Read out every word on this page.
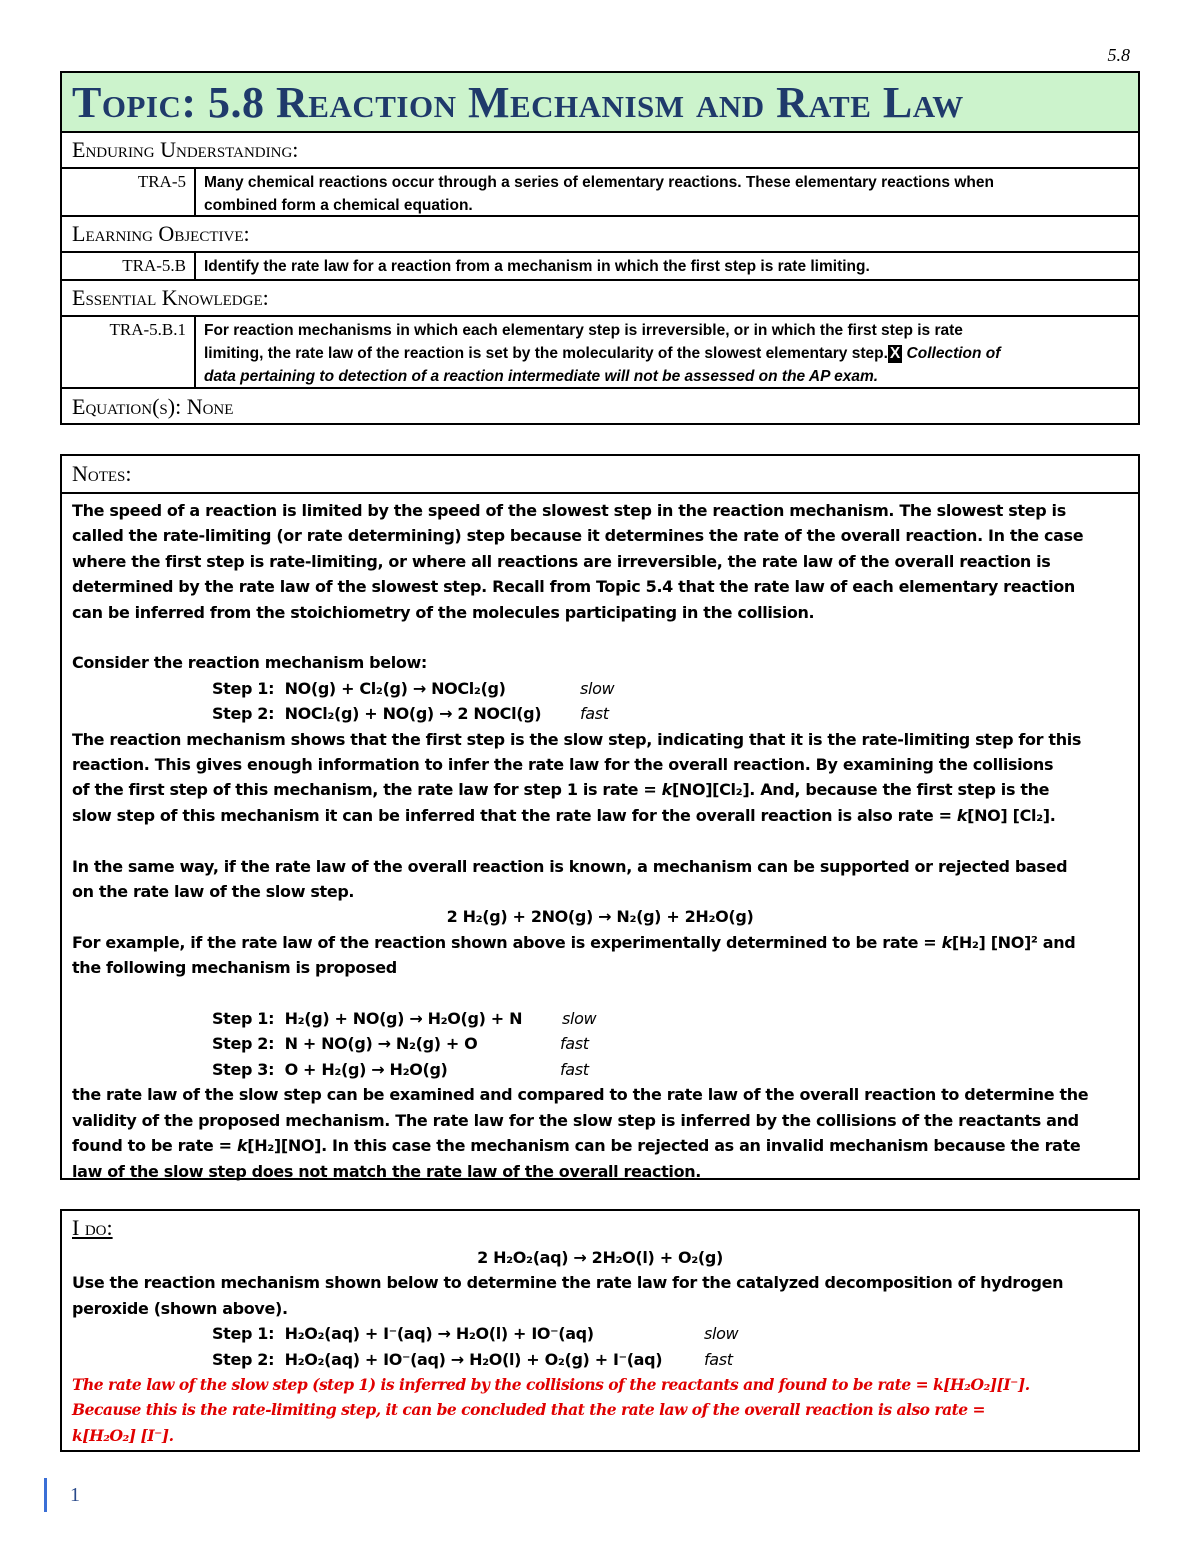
5.8
Topic: 5.8 Reaction Mechanism and Rate Law
Enduring Understanding:
TRA-5	Many chemical reactions occur through a series of elementary reactions. These elementary reactions when
combined form a chemical equation.
Learning Objective:
TRA-5.B	Identify the rate law for a reaction from a mechanism in which the first step is rate limiting.
Essential Knowledge:
TRA-5.B.1	For reaction mechanisms in which each elementary step is irreversible, or in which the first step is rate
limiting, the rate law of the reaction is set by the molecularity of the slowest elementary step. X Collection of
data pertaining to detection of a reaction intermediate will not be assessed on the AP exam.
Equation(s): None
Notes:

The speed of a reaction is limited by the speed of the slowest step in the reaction mechanism. The slowest step is

called the rate-limiting (or rate determining) step because it determines the rate of the overall reaction. In the case

where the first step is rate-limiting, or where all reactions are irreversible, the rate law of the overall reaction is

determined by the rate law of the slowest step. Recall from Topic 5.4 that the rate law of each elementary reaction

can be inferred from the stoichiometry of the molecules participating in the collision.

Consider the reaction mechanism below:

Step 1:  NO(g) + Cl₂(g) → NOCl₂(g)	slow

Step 2:  NOCl₂(g) + NO(g) → 2 NOCl(g) fast

The reaction mechanism shows that the first step is the slow step, indicating that it is the rate-limiting step for this

reaction. This gives enough information to infer the rate law for the overall reaction. By examining the collisions

of the first step of this mechanism, the rate law for step 1 is rate = k[NO][Cl₂]. And, because the first step is the

slow step of this mechanism it can be inferred that the rate law for the overall reaction is also rate = k[NO] [Cl₂].

In the same way, if the rate law of the overall reaction is known, a mechanism can be supported or rejected based

on the rate law of the slow step.

2 H₂(g) + 2NO(g) → N₂(g) + 2H₂O(g)

For example, if the rate law of the reaction shown above is experimentally determined to be rate = k[H₂] [NO]² and

the following mechanism is proposed

Step 1:  H₂(g) + NO(g) → H₂O(g) + N slow

Step 2:  N + NO(g) → N₂(g) + O	fast

Step 3:  O + H₂(g) → H₂O(g)	fast

the rate law of the slow step can be examined and compared to the rate law of the overall reaction to determine the

validity of the proposed mechanism. The rate law for the slow step is inferred by the collisions of the reactants and

found to be rate = k[H₂][NO]. In this case the mechanism can be rejected as an invalid mechanism because the rate

law of the slow step does not match the rate law of the overall reaction.

I do:

2 H₂O₂(aq) → 2H₂O(l) + O₂(g)

Use the reaction mechanism shown below to determine the rate law for the catalyzed decomposition of hydrogen

peroxide (shown above).

Step 1:  H₂O₂(aq) + I⁻(aq) → H₂O(l) + IO⁻(aq)	slow

Step 2:  H₂O₂(aq) + IO⁻(aq) → H₂O(l) + O₂(g) + I⁻(aq)	fast

The rate law of the slow step (step 1) is inferred by the collisions of the reactants and found to be rate = k[H₂O₂][I⁻].

Because this is the rate-limiting step, it can be concluded that the rate law of the overall reaction is also rate =

k[H₂O₂] [I⁻].

1
